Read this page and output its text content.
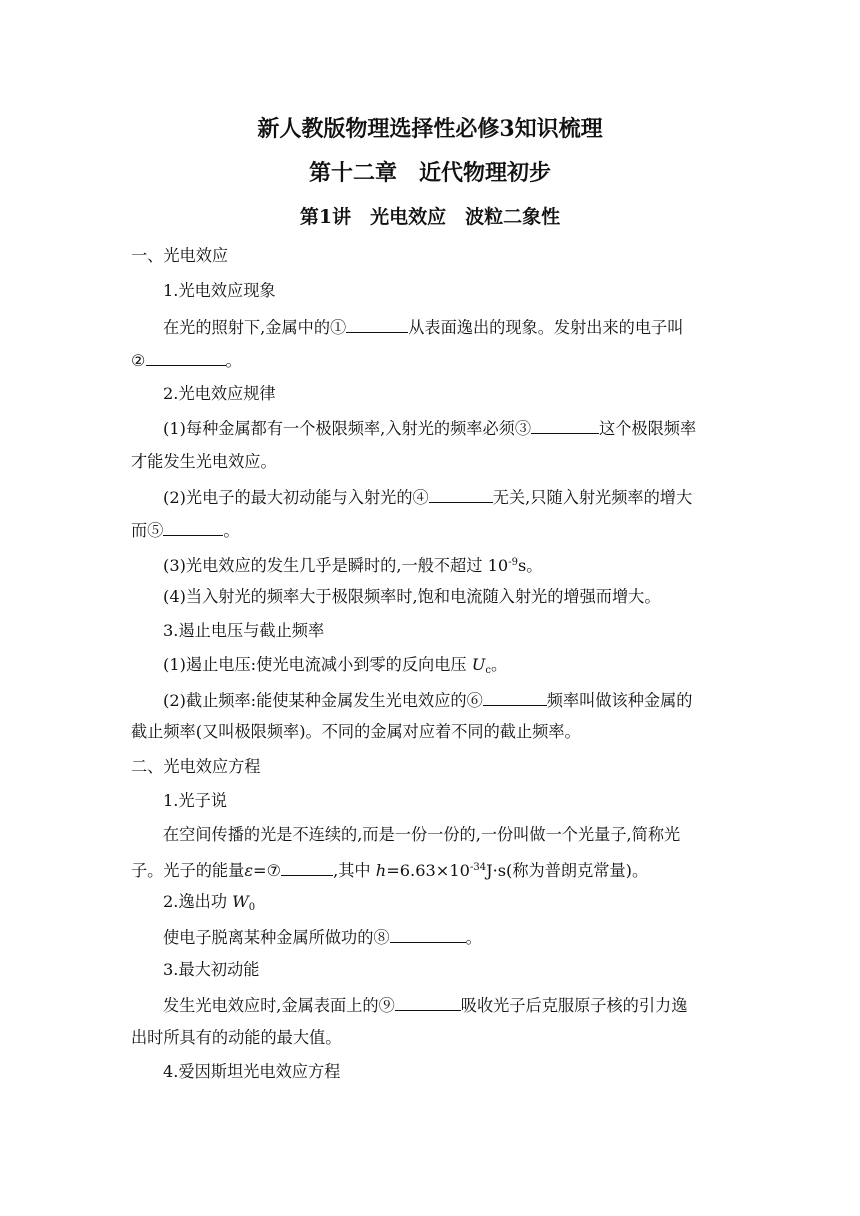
新人教版物理选择性必修3知识梳理
第十二章　近代物理初步
第1讲　光电效应　波粒二象性
一、光电效应
1.光电效应现象
在光的照射下,金属中的①	从表面逸出的现象。发射出来的电子叫
②	。
2.光电效应规律
(1)每种金属都有一个极限频率,入射光的频率必须③	这个极限频率
才能发生光电效应。
(2)光电子的最大初动能与入射光的④	无关,只随入射光频率的增大
而⑤	。
(3)光电效应的发生几乎是瞬时的,一般不超过 $10^{-9}s$。
(4)当入射光的频率大于极限频率时,饱和电流随入射光的增强而增大。
3.遏止电压与截止频率
(1)遏止电压:使光电流减小到零的反向电压 $U_c$。
(2)截止频率:能使某种金属发生光电效应的⑥	频率叫做该种金属的
截止频率(又叫极限频率)。不同的金属对应着不同的截止频率。
二、光电效应方程
1.光子说
在空间传播的光是不连续的,而是一份一份的,一份叫做一个光量子,简称光
子。光子的能量ε=⑦	,其中 $h=6.63\times 10^{-34}J\cdot s$(称为普朗克常量)。
2.逸出功 $W_0$
使电子脱离某种金属所做功的⑧	。
3.最大初动能
发生光电效应时,金属表面上的⑨	吸收光子后克服原子核的引力逸
出时所具有的动能的最大值。
4.爱因斯坦光电效应方程
